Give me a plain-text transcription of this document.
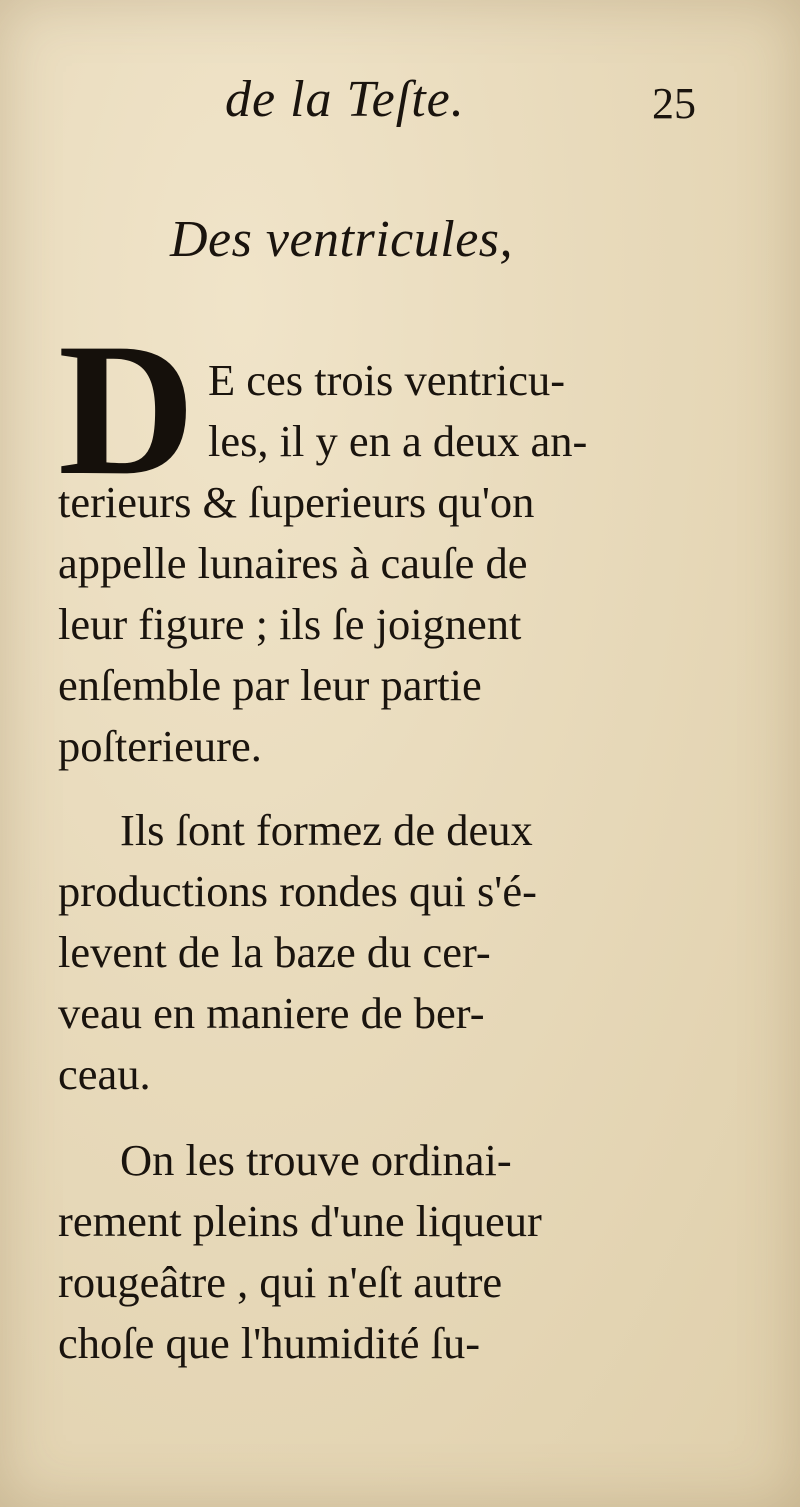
de la Teſte.	25
Des ventricules,
D E ces trois ventricu-
les, il y en a deux an-
terieurs & ſuperieurs qu'on
appelle lunaires à cauſe de
leur figure ; ils ſe joignent
enſemble par leur partie
poſterieure.
Ils ſont formez de deux
productions rondes qui s'é-
levent de la baze du cer-
veau en maniere de ber-
ceau.
On les trouve ordinai-
rement pleins d'une liqueur
rougeâtre , qui n'eſt autre
choſe que l'humidité ſu-
